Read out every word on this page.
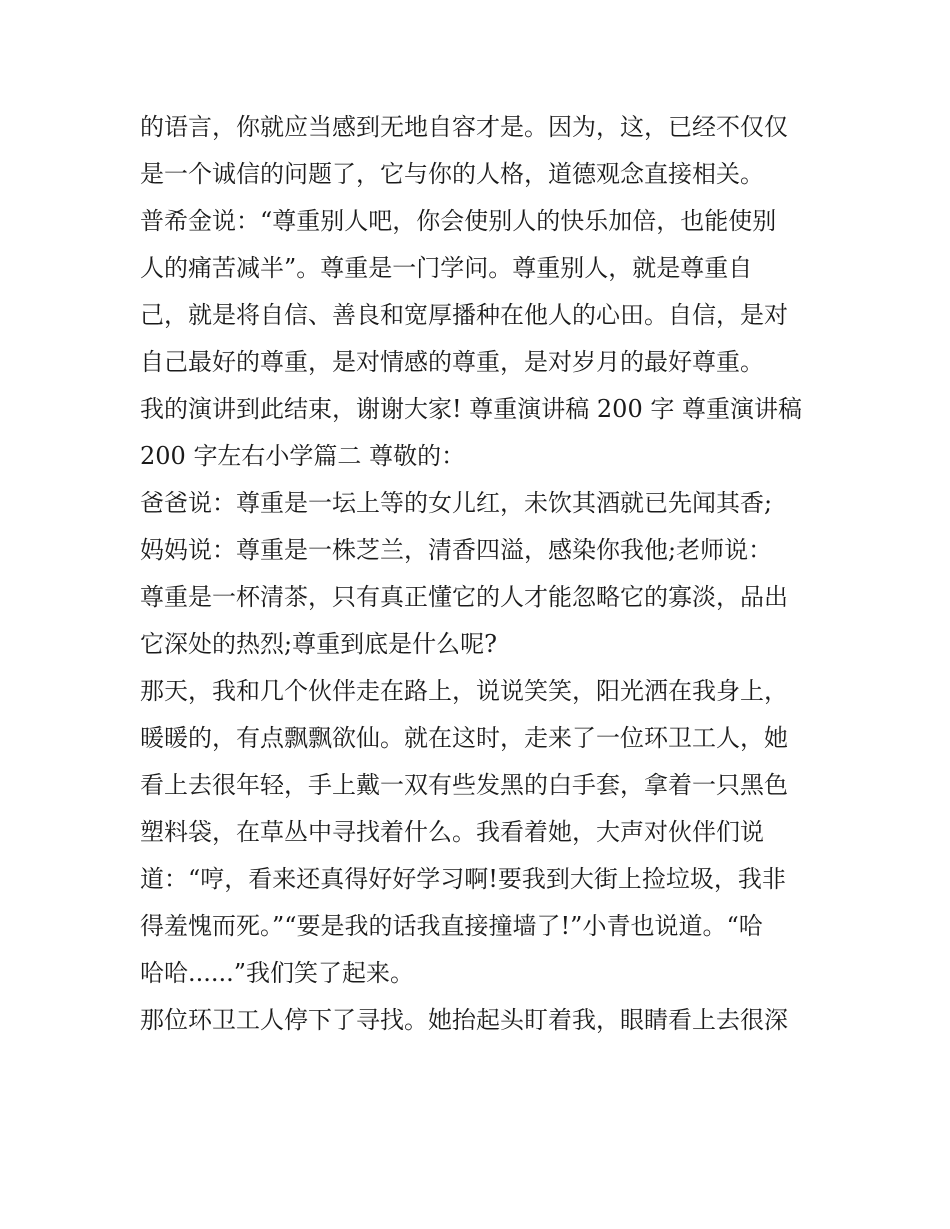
的语言，你就应当感到无地自容才是。因为，这，已经不仅仅
是一个诚信的问题了，它与你的人格，道德观念直接相关。
普希金说：“尊重别人吧，你会使别人的快乐加倍，也能使别
人的痛苦减半”。尊重是一门学问。尊重别人，就是尊重自
己，就是将自信、善良和宽厚播种在他人的心田。自信，是对
自己最好的尊重，是对情感的尊重，是对岁月的最好尊重。
我的演讲到此结束，谢谢大家! 尊重演讲稿 200 字 尊重演讲稿
200 字左右小学篇二 尊敬的：
爸爸说：尊重是一坛上等的女儿红，未饮其酒就已先闻其香;
妈妈说：尊重是一株芝兰，清香四溢，感染你我他;老师说：
尊重是一杯清茶，只有真正懂它的人才能忽略它的寡淡，品出
它深处的热烈;尊重到底是什么呢?
那天，我和几个伙伴走在路上，说说笑笑，阳光洒在我身上，
暖暖的，有点飘飘欲仙。就在这时，走来了一位环卫工人，她
看上去很年轻，手上戴一双有些发黑的白手套，拿着一只黑色
塑料袋，在草丛中寻找着什么。我看着她，大声对伙伴们说
道：“哼，看来还真得好好学习啊!要我到大街上捡垃圾，我非
得羞愧而死。”“要是我的话我直接撞墙了!”小青也说道。“哈
哈哈......”我们笑了起来。
那位环卫工人停下了寻找。她抬起头盯着我，眼睛看上去很深
